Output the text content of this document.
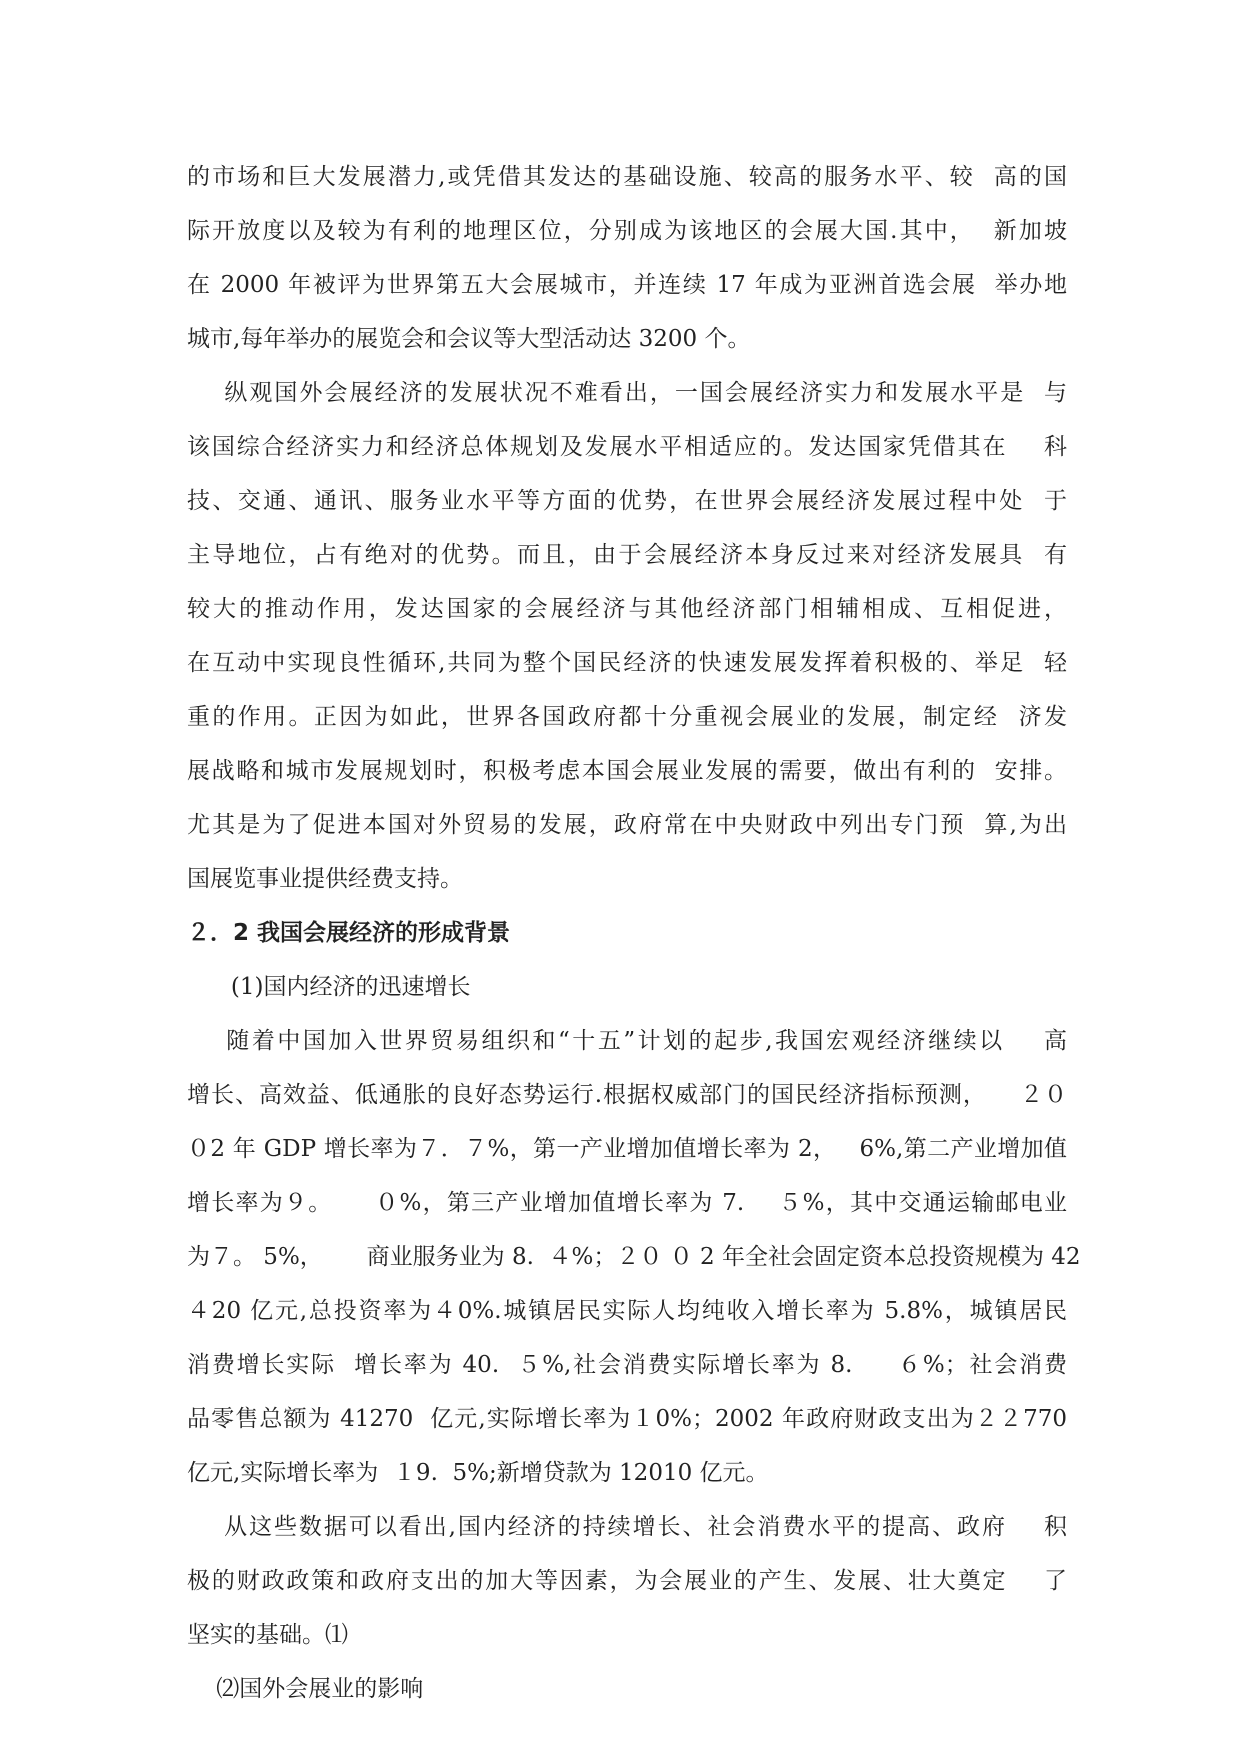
的市场和巨大发展潜力,或凭借其发达的基础设施、较高的服务水平、较  高的国
际开放度以及较为有利的地理区位，分别成为该地区的会展大国.其中，  新加坡
在 2000 年被评为世界第五大会展城市，并连续 17 年成为亚洲首选会展  举办地
城市,每年举办的展览会和会议等大型活动达 3200 个。
纵观国外会展经济的发展状况不难看出，一国会展经济实力和发展水平是  与
该国综合经济实力和经济总体规划及发展水平相适应的。发达国家凭借其在    科
技、交通、通讯、服务业水平等方面的优势，在世界会展经济发展过程中处  于
主导地位，占有绝对的优势。而且，由于会展经济本身反过来对经济发展具  有
较大的推动作用，发达国家的会展经济与其他经济部门相辅相成、互相促进，
在互动中实现良性循环,共同为整个国民经济的快速发展发挥着积极的、举足  轻
重的作用。正因为如此，世界各国政府都十分重视会展业的发展，制定经  济发
展战略和城市发展规划时，积极考虑本国会展业发展的需要，做出有利的  安排。
尤其是为了促进本国对外贸易的发展，政府常在中央财政中列出专门预  算,为出
国展览事业提供经费支持。
２．2 我国会展经济的形成背景
(1)国内经济的迅速增长
随着中国加入世界贸易组织和“十五”计划的起步,我国宏观经济继续以    高
增长、高效益、低通胀的良好态势运行.根据权威部门的国民经济指标预测，    ２０
０2 年 GDP 增长率为７．７%，第一产业增加值增长率为 2，   6%,第二产业增加值
增长率为９。     ０%，第三产业增加值增长率为 7.    ５%，其中交通运输邮电业
为７。 5%，      商业服务业为 8.  ４%；２０ ０ 2 年全社会固定资本总投资规模为 42
４20 亿元,总投资率为４0%.城镇居民实际人均纯收入增长率为 5.8%，城镇居民
消费增长实际  增长率为 40.  ５%,社会消费实际增长率为 8.     ６%；社会消费
品零售总额为 41270  亿元,实际增长率为１0%；2002 年政府财政支出为２２770
亿元,实际增长率为  １9.  5%;新增贷款为 12010 亿元。
从这些数据可以看出,国内经济的持续增长、社会消费水平的提高、政府    积
极的财政政策和政府支出的加大等因素，为会展业的产生、发展、壮大奠定    了
坚实的基础。⑴
⑵国外会展业的影响
